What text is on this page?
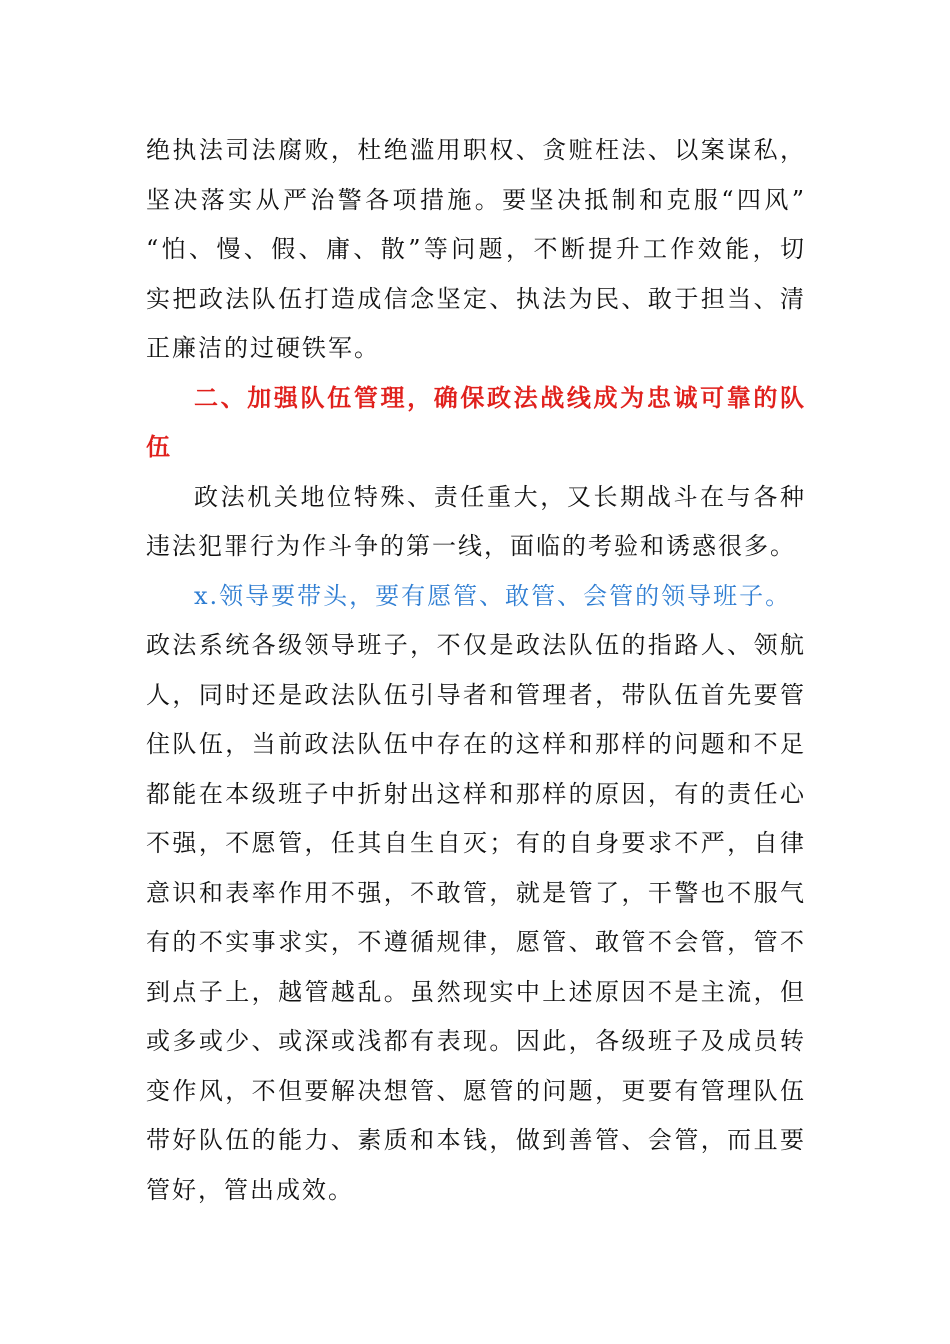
绝执法司法腐败，杜绝滥用职权、贪赃枉法、以案谋私，
坚决落实从严治警各项措施。要坚决抵制和克服“四风”
“怕、慢、假、庸、散”等问题，不断提升工作效能，切
实把政法队伍打造成信念坚定、执法为民、敢于担当、清
正廉洁的过硬铁军。
二、加强队伍管理，确保政法战线成为忠诚可靠的队
伍
政法机关地位特殊、责任重大，又长期战斗在与各种
违法犯罪行为作斗争的第一线，面临的考验和诱惑很多。
x.领导要带头，要有愿管、敢管、会管的领导班子。
政法系统各级领导班子，不仅是政法队伍的指路人、领航
人，同时还是政法队伍引导者和管理者，带队伍首先要管
住队伍，当前政法队伍中存在的这样和那样的问题和不足
都能在本级班子中折射出这样和那样的原因，有的责任心
不强，不愿管，任其自生自灭；有的自身要求不严，自律
意识和表率作用不强，不敢管，就是管了，干警也不服气
有的不实事求实，不遵循规律，愿管、敢管不会管，管不
到点子上，越管越乱。虽然现实中上述原因不是主流，但
或多或少、或深或浅都有表现。因此，各级班子及成员转
变作风，不但要解决想管、愿管的问题，更要有管理队伍
带好队伍的能力、素质和本钱，做到善管、会管，而且要
管好，管出成效。
